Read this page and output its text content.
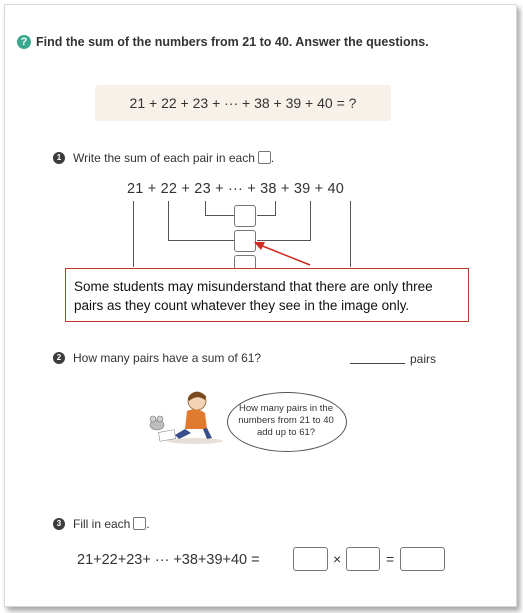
? Find the sum of the numbers from 21 to 40. Answer the questions.
21 + 22 + 23 + ··· + 38 + 39 + 40 = ?
1 Write the sum of each pair in each .
21 + 22 + 23 + ··· + 38 + 39 + 40
Some students may misunderstand that there are only three pairs as they count whatever they see in the image only.
2 How many pairs have a sum of 61?	pairs
How many pairs in the numbers from 21 to 40 add up to 61?
3 Fill in each .
21+22+23+ ··· +38+39+40 =	×	=
